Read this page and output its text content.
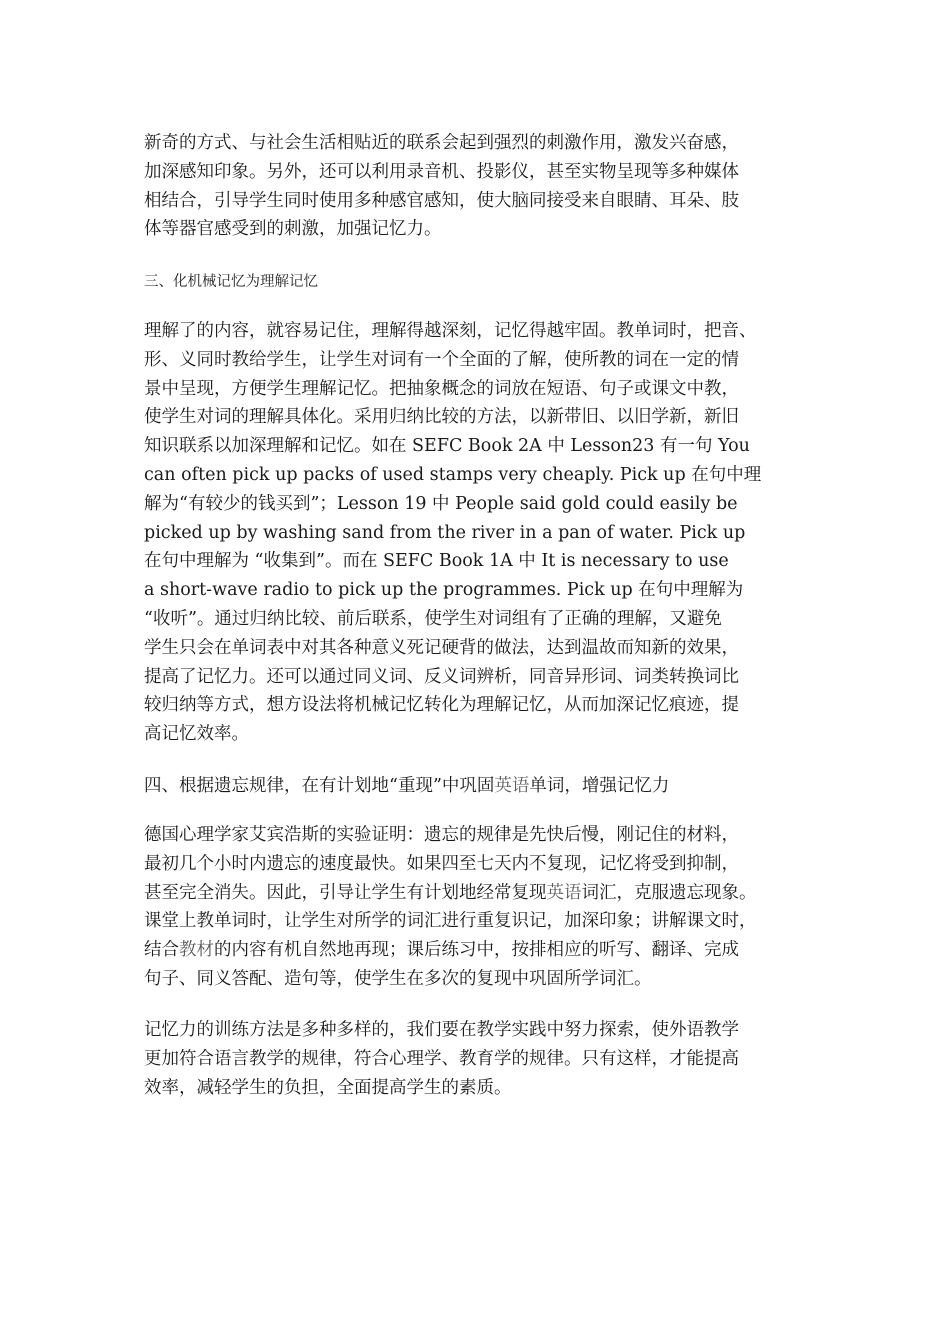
新奇的方式、与社会生活相贴近的联系会起到强烈的刺激作用，激发兴奋感，
加深感知印象。另外，还可以利用录音机、投影仪，甚至实物呈现等多种媒体
相结合，引导学生同时使用多种感官感知，使大脑同接受来自眼睛、耳朵、肢
体等器官感受到的刺激，加强记忆力。
三、化机械记忆为理解记忆
理解了的内容，就容易记住，理解得越深刻，记忆得越牢固。教单词时，把音、
形、义同时教给学生，让学生对词有一个全面的了解，使所教的词在一定的情
景中呈现，方便学生理解记忆。把抽象概念的词放在短语、句子或课文中教，
使学生对词的理解具体化。采用归纳比较的方法，以新带旧、以旧学新，新旧
知识联系以加深理解和记忆。如在 SEFC Book 2A 中 Lesson23 有一句 You
can often pick up packs of used stamps very cheaply. Pick up 在句中理
解为“有较少的钱买到”；Lesson 19 中 People said gold could easily be
picked up by washing sand from the river in a pan of water. Pick up
在句中理解为 “收集到”。而在 SEFC Book 1A 中 It is necessary to use
a short-wave radio to pick up the programmes. Pick up 在句中理解为
“收听”。通过归纳比较、前后联系，使学生对词组有了正确的理解，又避免
学生只会在单词表中对其各种意义死记硬背的做法，达到温故而知新的效果，
提高了记忆力。还可以通过同义词、反义词辨析，同音异形词、词类转换词比
较归纳等方式，想方设法将机械记忆转化为理解记忆，从而加深记忆痕迹，提
高记忆效率。
四、根据遗忘规律，在有计划地“重现”中巩固英语单词，增强记忆力
德国心理学家艾宾浩斯的实验证明：遗忘的规律是先快后慢，刚记住的材料，
最初几个小时内遗忘的速度最快。如果四至七天内不复现，记忆将受到抑制，
甚至完全消失。因此，引导让学生有计划地经常复现英语词汇，克服遗忘现象。
课堂上教单词时，让学生对所学的词汇进行重复识记，加深印象；讲解课文时，
结合教材的内容有机自然地再现；课后练习中，按排相应的听写、翻译、完成
句子、同义答配、造句等，使学生在多次的复现中巩固所学词汇。
记忆力的训练方法是多种多样的，我们要在教学实践中努力探索，使外语教学
更加符合语言教学的规律，符合心理学、教育学的规律。只有这样，才能提高
效率，减轻学生的负担，全面提高学生的素质。
